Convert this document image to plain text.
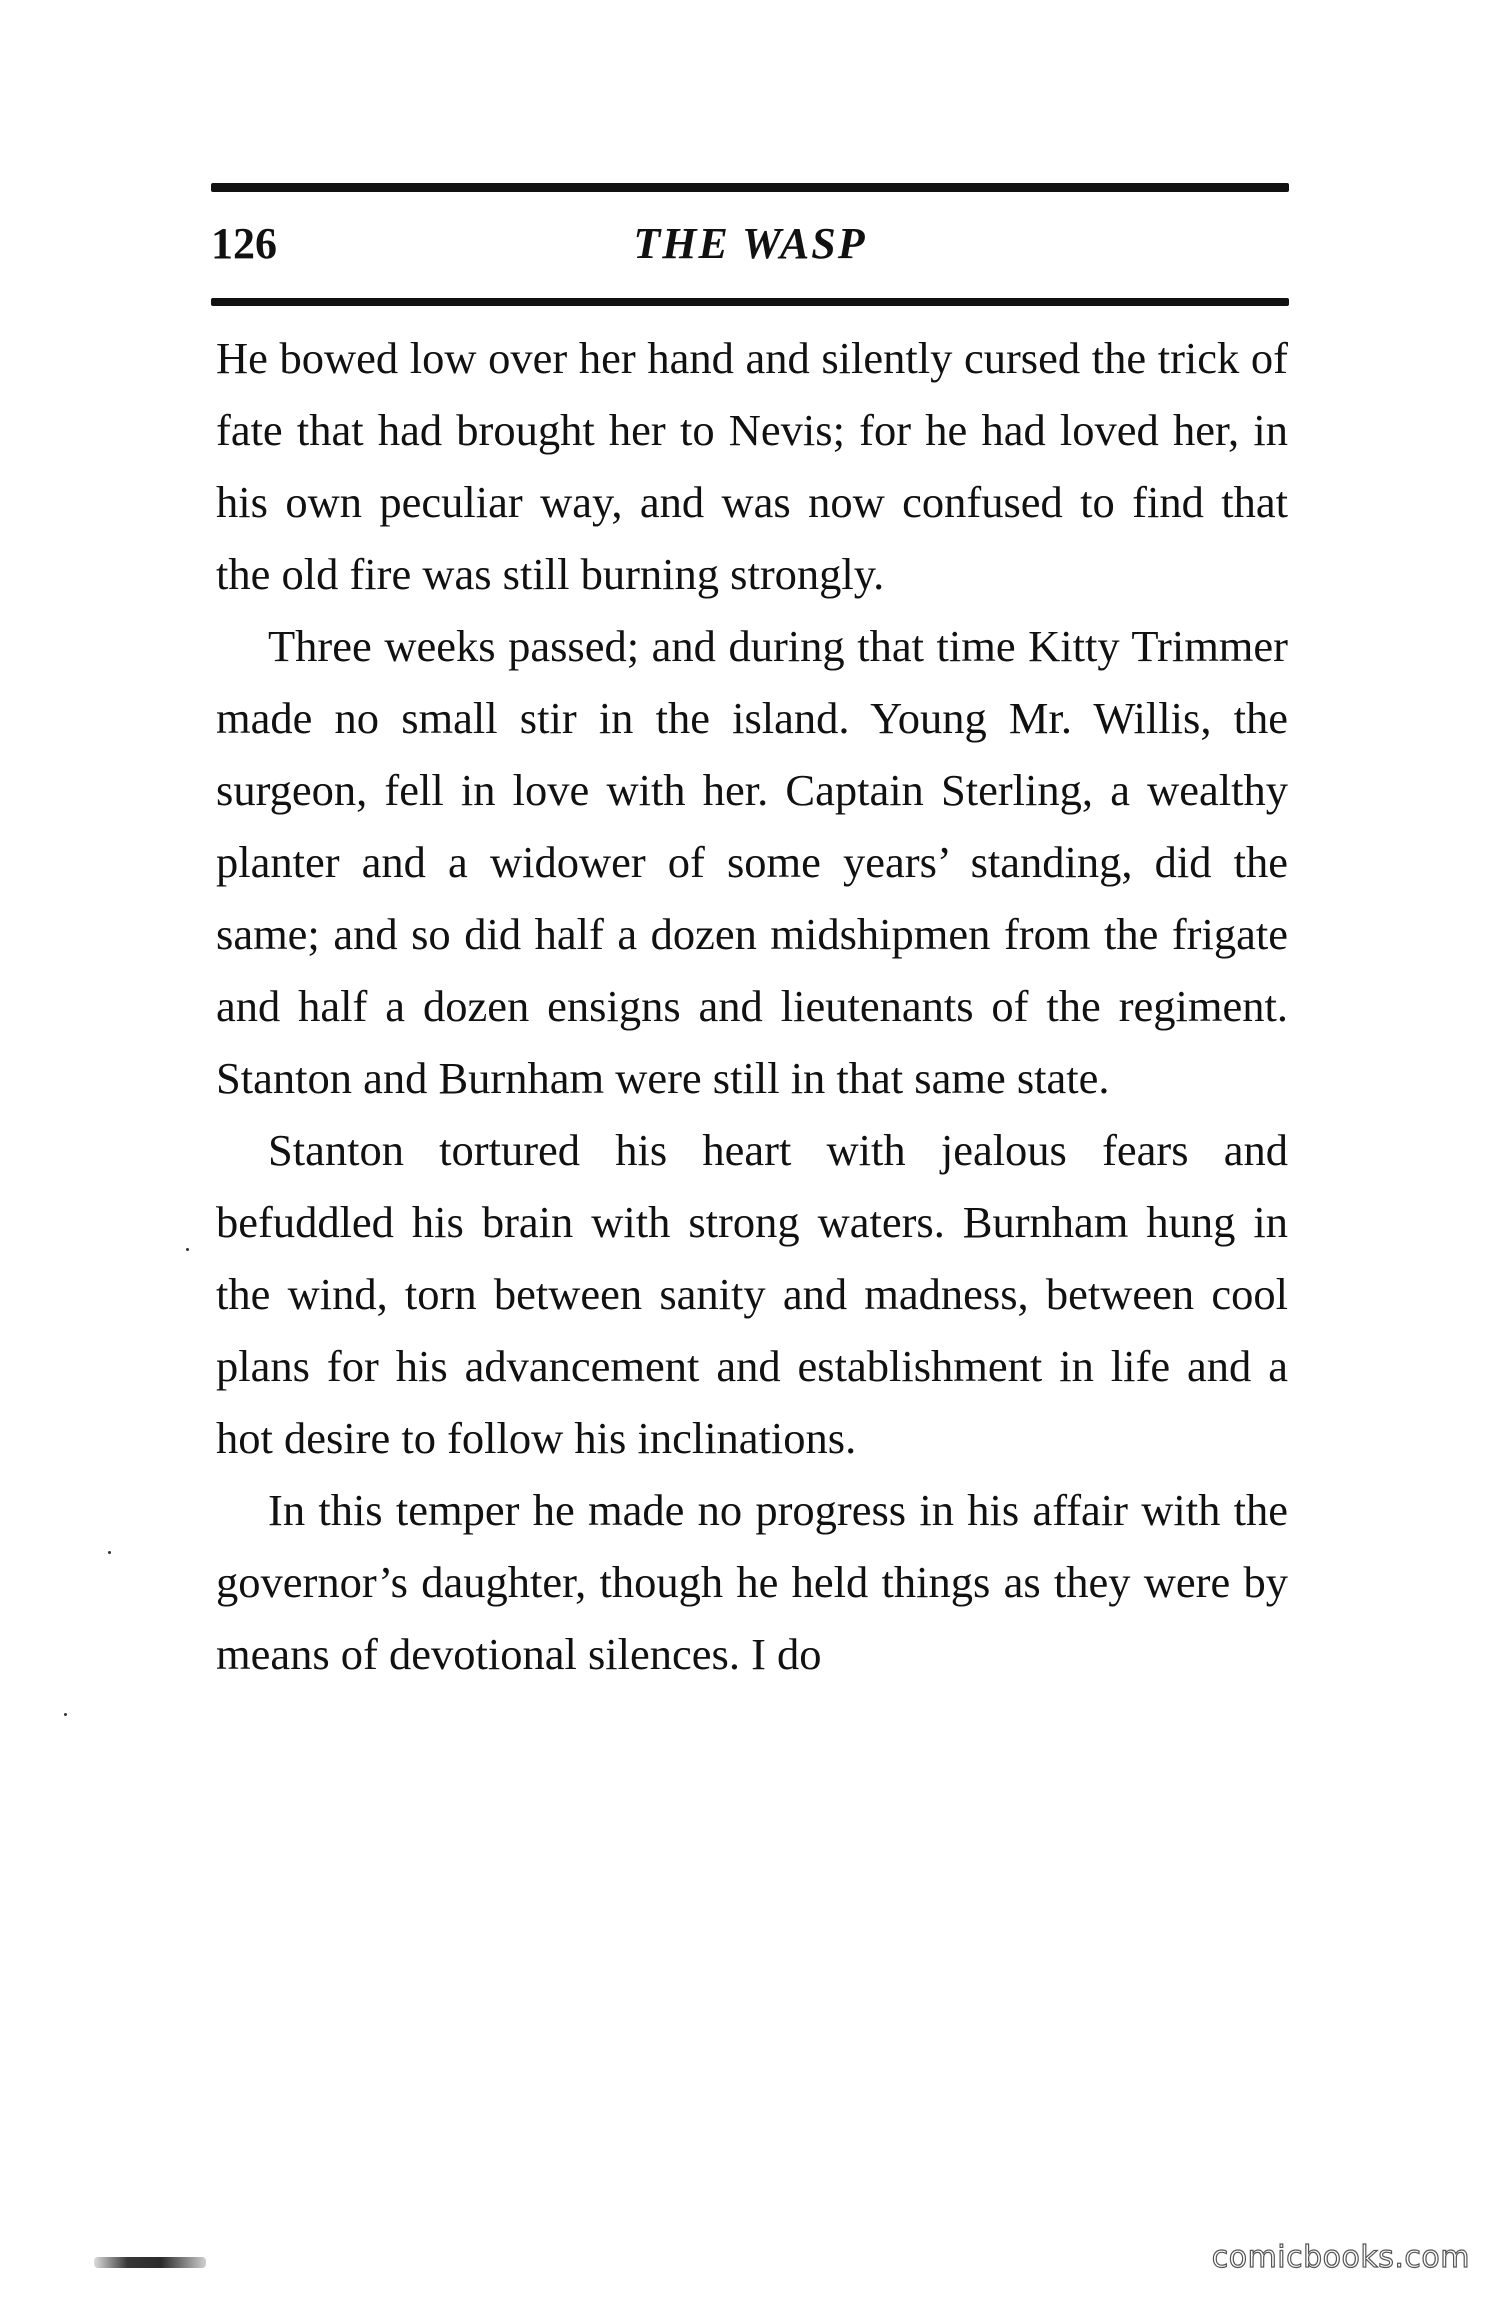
126	THE WASP

He bowed low over her hand and silently cursed the trick of fate that had brought her to Nevis; for he had loved her, in his own peculiar way, and was now confused to find that the old fire was still burning strongly.

Three weeks passed; and during that time Kitty Trimmer made no small stir in the island. Young Mr. Willis, the surgeon, fell in love with her. Captain Sterling, a wealthy planter and a widower of some years’ standing, did the same; and so did half a dozen midshipmen from the frigate and half a dozen ensigns and lieutenants of the regiment. Stanton and Burnham were still in that same state.

Stanton tortured his heart with jealous fears and befuddled his brain with strong waters. Burnham hung in the wind, torn between sanity and madness, between cool plans for his advancement and establishment in life and a hot desire to follow his inclinations.

In this temper he made no progress in his affair with the governor’s daughter, though he held things as they were by means of devotional silences. I do

comicbooks.com
